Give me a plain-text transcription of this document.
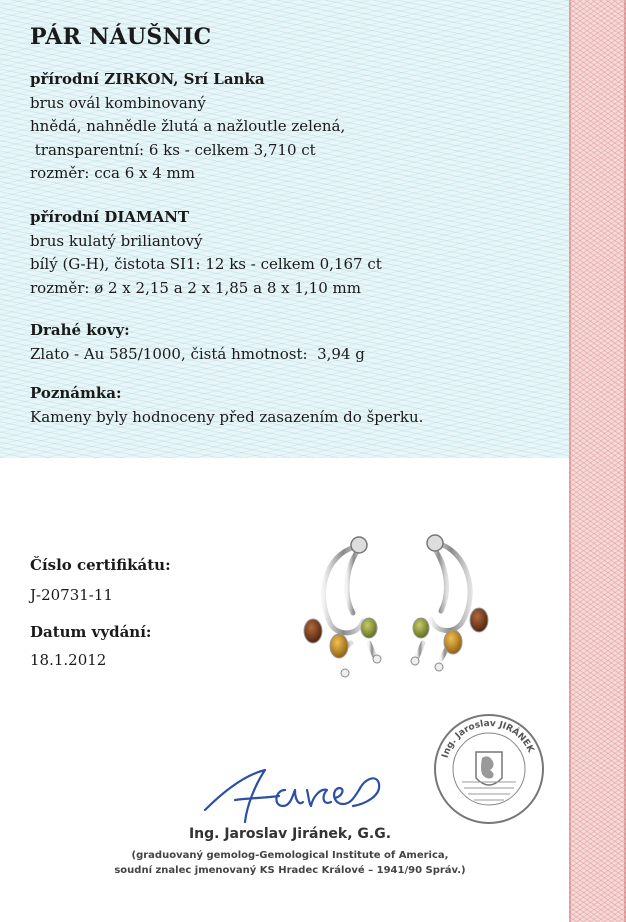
PÁR NÁUŠNIC
přírodní ZIRKON, Srí Lanka
brus ovál kombinovaný
hnědá, nahnědle žlutá a nažloutle zelená,
transparentní: 6 ks - celkem 3,710 ct
rozměr: cca 6 x 4 mm
přírodní DIAMANT
brus kulatý briliantový
bílý (G-H), čistota SI1: 12 ks - celkem 0,167 ct
rozměr: ø 2 x 2,15 a 2 x 1,85 a 8 x 1,10 mm
Drahé kovy:
Zlato - Au 585/1000, čistá hmotnost:  3,94 g
Poznámka:
Kameny byly hodnoceny před zasazením do šperku.
Číslo certifikátu:
J-20731-11
Datum vydání:
18.1.2012
Ing. Jaroslav JIRÁNEK
Ing. Jaroslav Jiránek, G.G.
(graduovaný gemolog-Gemological Institute of America,
soudní znalec jmenovaný KS Hradec Králové – 1941/90 Správ.)
